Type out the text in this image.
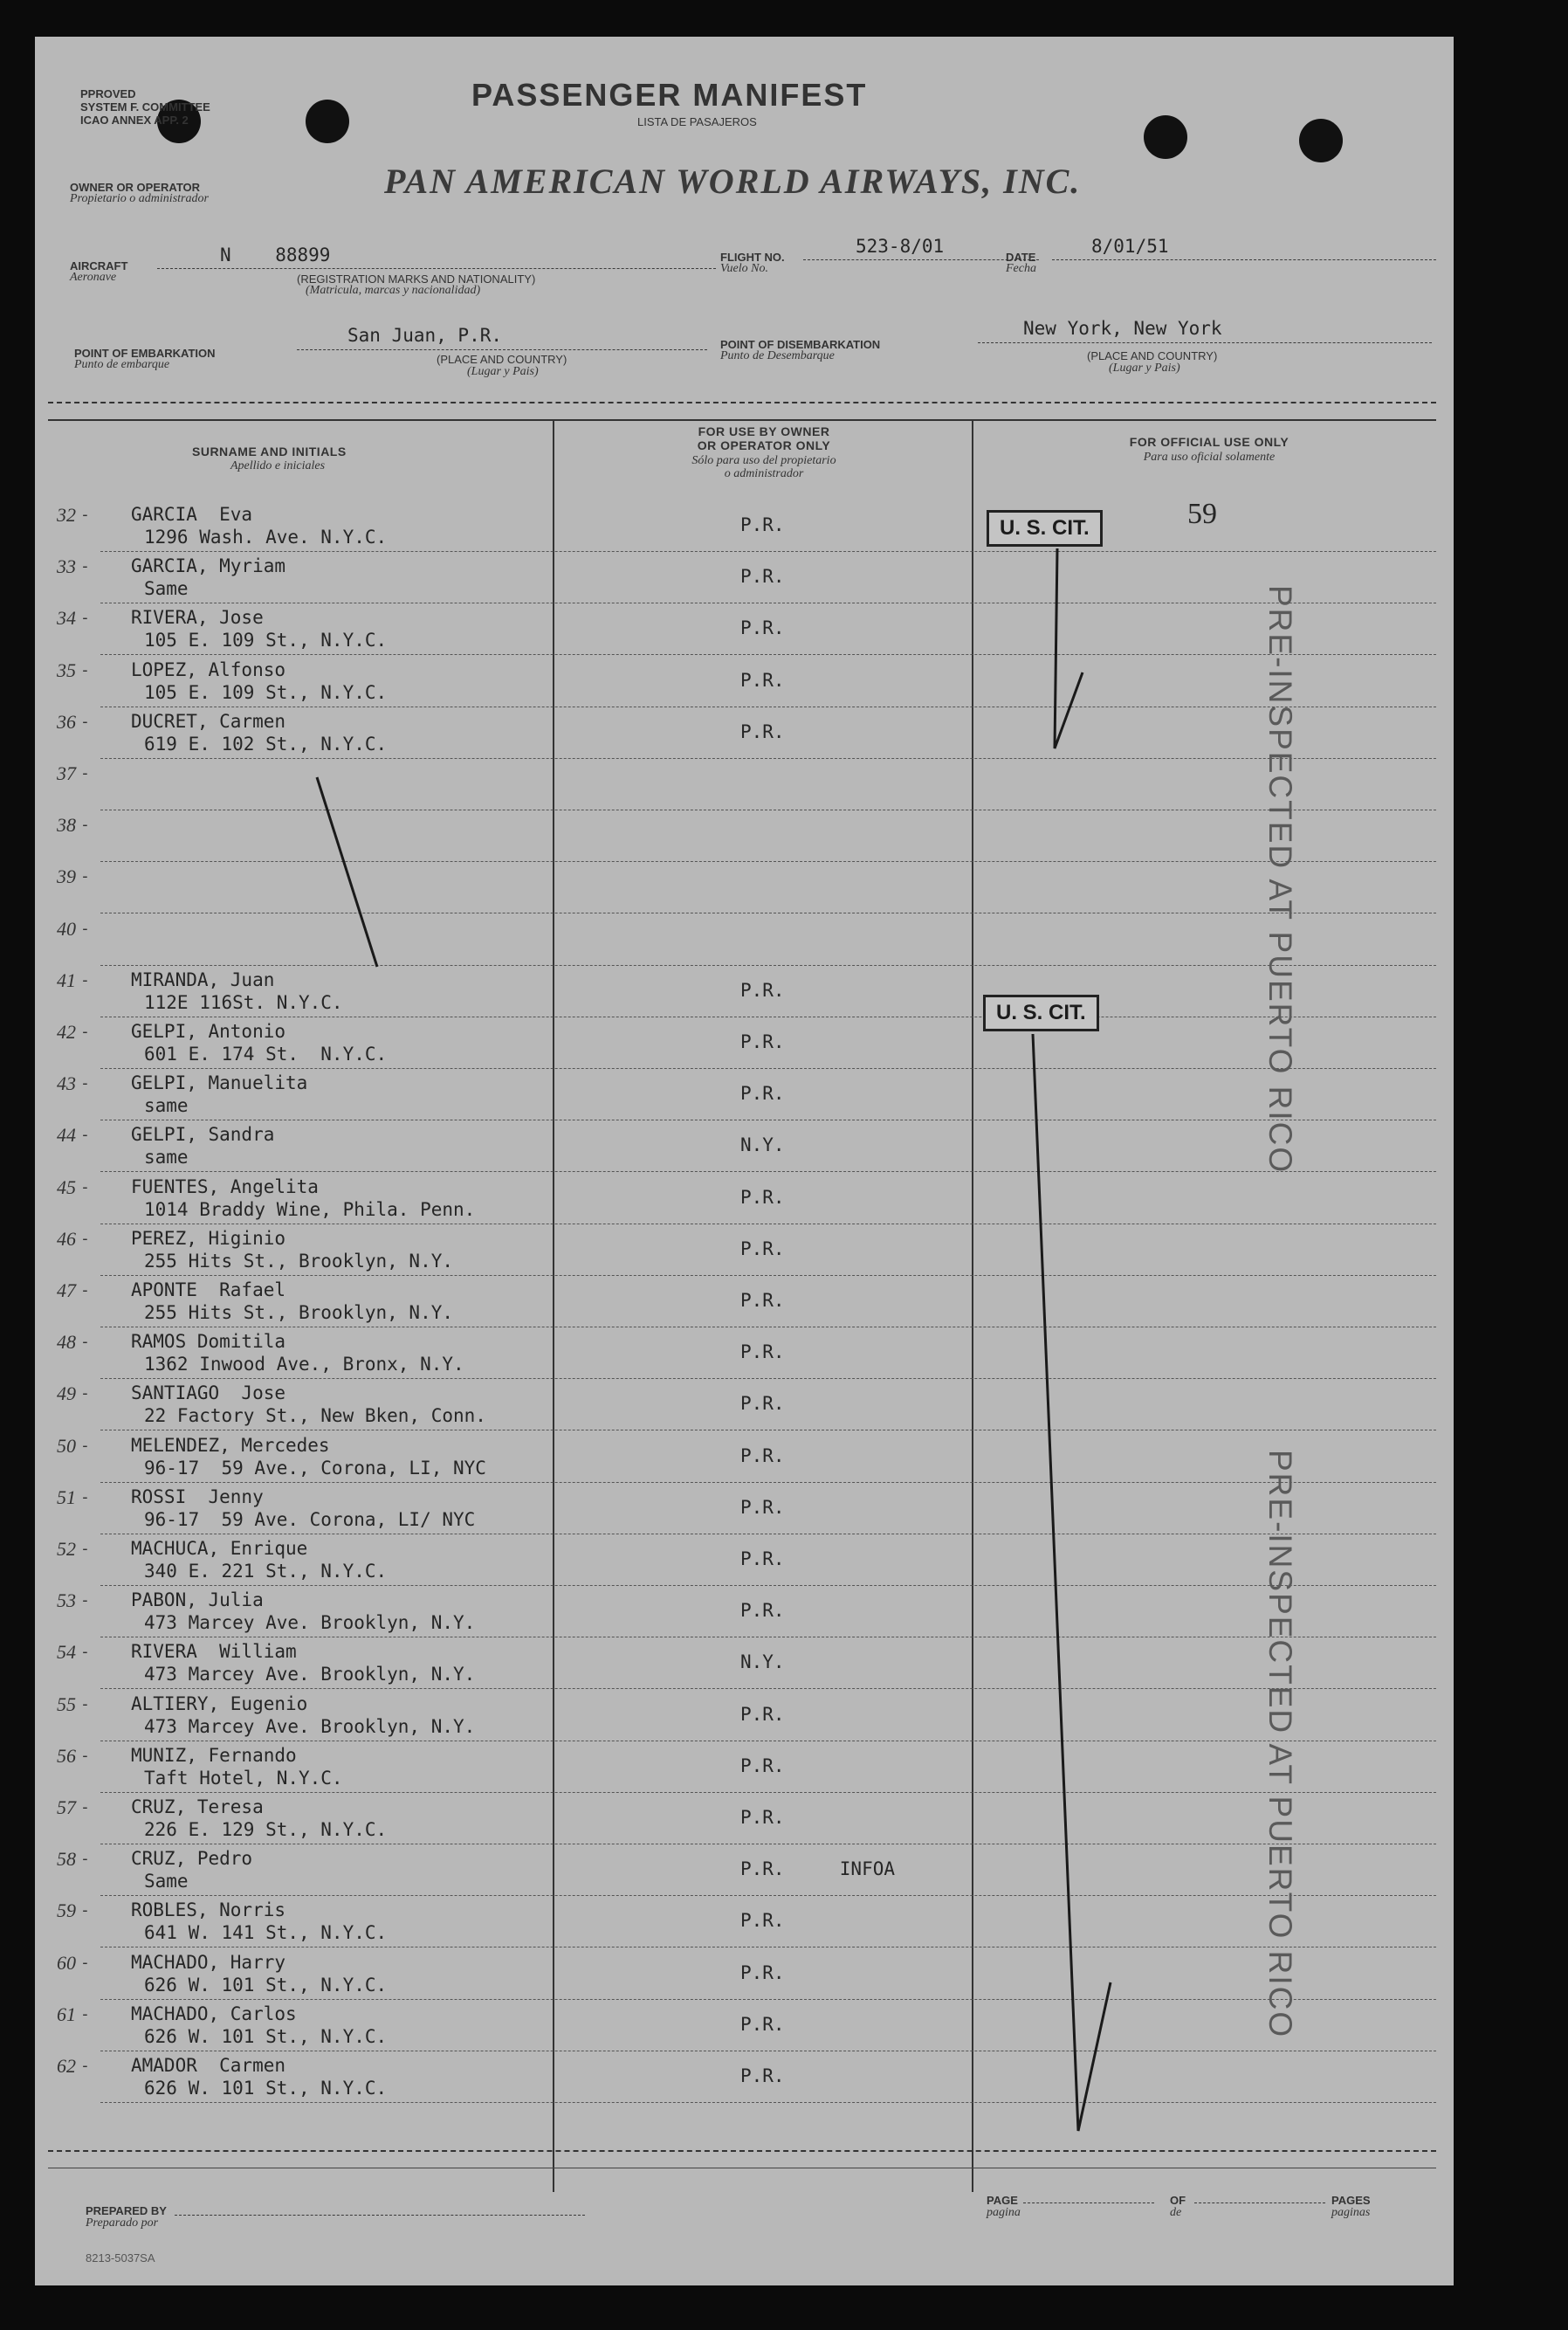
PPROVED
SYSTEM F. COMMITTEE
ICAO ANNEX APP. 2
PASSENGER MANIFEST
LISTA DE PASAJEROS
OWNER OR OPERATOR
Propietario o administrador	PAN AMERICAN WORLD AIRWAYS, INC.
AIRCRAFT
Aeronave
N    88899
(REGISTRATION MARKS AND NATIONALITY)
(Matricula, marcas y nacionalidad)
FLIGHT NO.
Vuelo No.
523-8/01
DATE
Fecha
8/01/51
POINT OF EMBARKATION
Punto de embarque
San Juan, P.R.
(PLACE AND COUNTRY)
(Lugar y Pais)
POINT OF DISEMBARKATION
Punto de Desembarque
New York, New York
(PLACE AND COUNTRY)
(Lugar y Pais)
SURNAME AND INITIALS
Apellido e iniciales
FOR USE BY OWNER
OR OPERATOR ONLY
Sólo para uso del propietario
o administrador
FOR OFFICIAL USE ONLY
Para uso oficial solamente
32 - GARCIA  Eva
1296 Wash. Ave. N.Y.C.
P.R.
33 - GARCIA, Myriam
Same
P.R.
34 - RIVERA, Jose
105 E. 109 St., N.Y.C.
P.R.
35 - LOPEZ, Alfonso
105 E. 109 St., N.Y.C.
P.R.
36 - DUCRET, Carmen
619 E. 102 St., N.Y.C.
P.R.
37 -
38 -
39 -
40 -
41 - MIRANDA, Juan
112E 116St. N.Y.C.
P.R.
42 - GELPI, Antonio
601 E. 174 St.  N.Y.C.
P.R.
43 - GELPI, Manuelita
same
P.R.
44 - GELPI, Sandra
same
N.Y.
45 - FUENTES, Angelita
1014 Braddy Wine, Phila. Penn.
P.R.
46 - PEREZ, Higinio
255 Hits St., Brooklyn, N.Y.
P.R.
47 - APONTE  Rafael
255 Hits St., Brooklyn, N.Y.
P.R.
48 - RAMOS Domitila
1362 Inwood Ave., Bronx, N.Y.
P.R.
49 - SANTIAGO  Jose
22 Factory St., New Bken, Conn.
P.R.
50 - MELENDEZ, Mercedes
96-17  59 Ave., Corona, LI, NYC
P.R.
51 - ROSSI  Jenny
96-17  59 Ave. Corona, LI/ NYC
P.R.
52 - MACHUCA, Enrique
340 E. 221 St., N.Y.C.
P.R.
53 - PABON, Julia
473 Marcey Ave. Brooklyn, N.Y.
P.R.
54 - RIVERA  William
473 Marcey Ave. Brooklyn, N.Y.
N.Y.
55 - ALTIERY, Eugenio
473 Marcey Ave. Brooklyn, N.Y.
P.R.
56 - MUNIZ, Fernando
Taft Hotel, N.Y.C.
P.R.
57 - CRUZ, Teresa
226 E. 129 St., N.Y.C.
P.R.
58 - CRUZ, Pedro
Same
P.R.     INFOA
59 - ROBLES, Norris
641 W. 141 St., N.Y.C.
P.R.
60 - MACHADO, Harry
626 W. 101 St., N.Y.C.
P.R.
61 - MACHADO, Carlos
626 W. 101 St., N.Y.C.
P.R.
62 - AMADOR  Carmen
626 W. 101 St., N.Y.C.
P.R.
U. S. CIT.	59
U. S. CIT.	PRE-INSPECTED AT PUERTO RICO
PRE-INSPECTED AT PUERTO RICO
PREPARED BY
Preparado por
PAGE
pagina
OF
de
PAGES
paginas
8213-5037SA
